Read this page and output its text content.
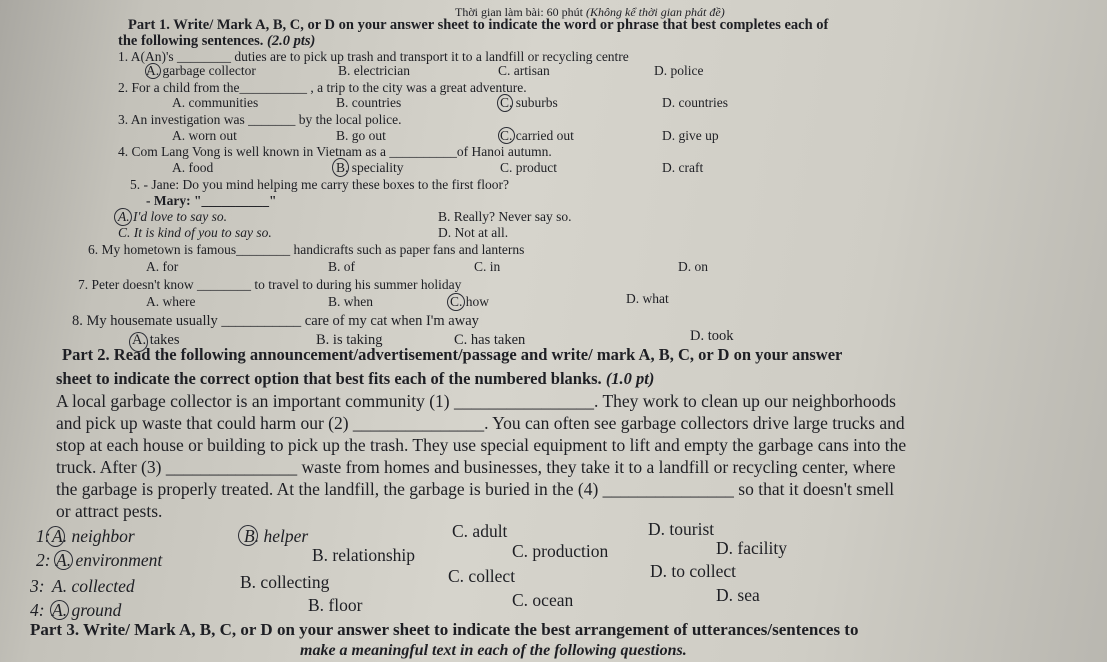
Thời gian làm bài: 60 phút (Không kể thời gian phát đề)
Part 1. Write/ Mark A, B, C, or D on your answer sheet to indicate the word or phrase that best completes each of
the following sentences. (2.0 pts)
1. A(An)'s ________ duties are to pick up trash and transport it to a landfill or recycling centre
A. garbage collector	B. electrician	C. artisan	D. police
2. For a child from the__________ , a trip to the city was a great adventure.
A. communities	B. countries	C. suburbs	D. countries
3. An investigation was _______ by the local police.
A. worn out	B. go out	C. carried out	D. give up
4. Com Lang Vong is well known in Vietnam as a __________of Hanoi autumn.
A. food	B. speciality	C. product	D. craft
5. - Jane: Do you mind helping me carry these boxes to the first floor?
- Mary: "__________"
A. I'd love to say so.	B. Really? Never say so.
C. It is kind of you to say so.	D. Not at all.
6. My hometown is famous________ handicrafts such as paper fans and lanterns
A. for	B. of	C. in	D. on
7. Peter doesn't know ________ to travel to during his summer holiday
A. where	B. when	C. how	D. what
8. My housemate usually ___________ care of my cat when I'm away
A. takes	B. is taking	C. has taken	D. took
Part 2. Read the following announcement/advertisement/passage and write/ mark A, B, C, or D on your answer
sheet to indicate the correct option that best fits each of the numbered blanks. (1.0 pt)
A local garbage collector is an important community (1) ________________. They work to clean up our neighborhoods
and pick up waste that could harm our (2) _______________. You can often see garbage collectors drive large trucks and
stop at each house or building to pick up the trash. They use special equipment to lift and empty the garbage cans into the
truck. After (3) _______________ waste from homes and businesses, they take it to a landfill or recycling center, where
the garbage is properly treated. At the landfill, the garbage is buried in the (4) _______________ so that it doesn't smell
or attract pests.
1: A. neighbor	B. helper	C. adult	D. tourist
2: A. environment	B. relationship	C. production	D. facility
3: A. collected	B. collecting	C. collect	D. to collect
4: A. ground	B. floor	C. ocean	D. sea
Part 3. Write/ Mark A, B, C, or D on your answer sheet to indicate the best arrangement of utterances/sentences to
make a meaningful text in each of the following questions.
